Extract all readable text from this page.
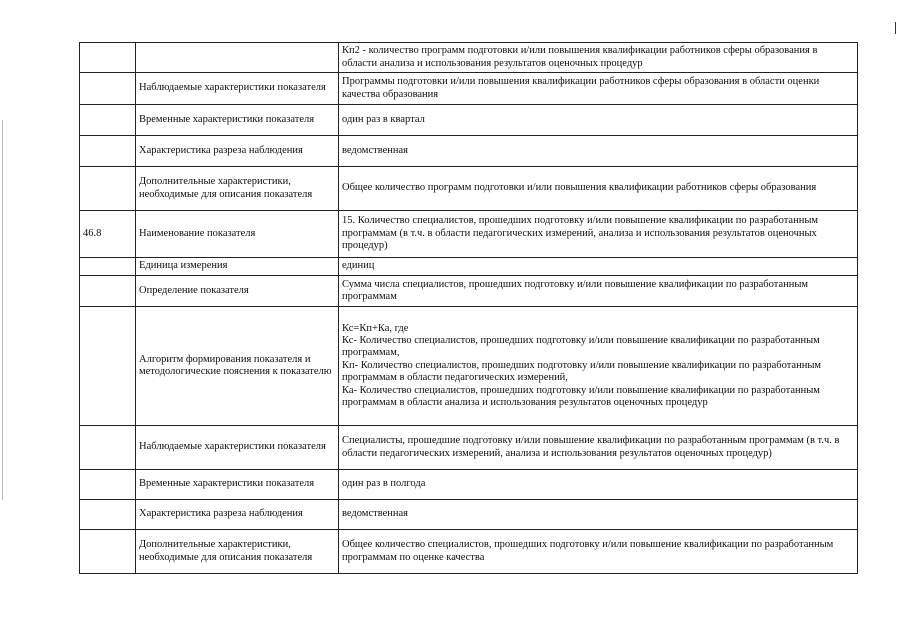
		Кп2 - количество программ подготовки и/или повышения квалификации работников сферы образования в области анализа и использования результатов оценочных процедур
	Наблюдаемые характеристики показателя	Программы подготовки и/или повышения квалификации работников сферы образования в области оценки качества образования
	Временные характеристики показателя	один раз в квартал
	Характеристика разреза наблюдения	ведомственная
	Дополнительные характеристики, необходимые для описания показателя	Общее количество программ подготовки и/или повышения квалификации работников сферы образования
46.8	Наименование показателя	15. Количество специалистов, прошедших подготовку и/или повышение квалификации по разработанным программам (в т.ч. в области педагогических измерений, анализа и использования результатов оценочных процедур)
	Единица измерения	единиц
	Определение показателя	Сумма числа специалистов, прошедших подготовку и/или повышение квалификации по разработанным программам
	Алгоритм формирования показателя и методологические пояснения к показателю	Кс=Кп+Ка, где
Кс- Количество специалистов, прошедших подготовку и/или повышение квалификации по разработанным программам,
Кп- Количество специалистов, прошедших подготовку и/или повышение квалификации по разработанным программам в области педагогических измерений,
Ка- Количество специалистов, прошедших подготовку и/или повышение квалификации по разработанным программам в области анализа и использования результатов оценочных процедур

	Наблюдаемые характеристики показателя	Специалисты, прошедшие подготовку и/или повышение квалификации по разработанным программам (в т.ч. в области педагогических измерений, анализа и использования результатов оценочных процедур)
	Временные характеристики показателя	один раз в полгода
	Характеристика разреза наблюдения	ведомственная
	Дополнительные характеристики, необходимые для описания показателя	Общее количество специалистов, прошедших подготовку и/или повышение квалификации по разработанным программам по оценке качества
